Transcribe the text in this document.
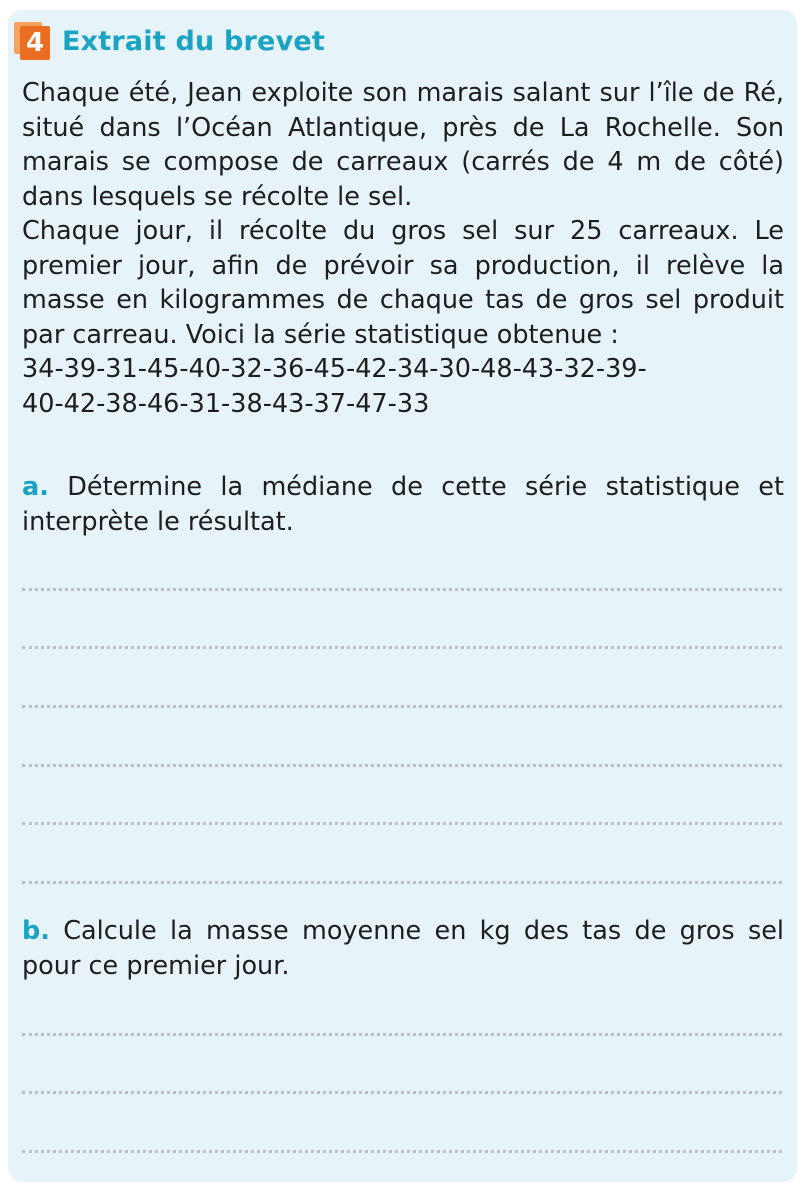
4 Extrait du brevet

Chaque été, Jean exploite son marais salant sur l’île de Ré, situé dans l’Océan Atlantique, près de La Rochelle. Son marais se compose de carreaux (carrés de 4 m de côté) dans lesquels se récolte le sel.

Chaque jour, il récolte du gros sel sur 25 carreaux. Le premier jour, afin de prévoir sa production, il relève la masse en kilogrammes de chaque tas de gros sel produit par carreau. Voici la série statistique obtenue :

34-39-31-45-40-32-36-45-42-34-30-48-43-32-39-

40-42-38-46-31-38-43-37-47-33

a. Détermine la médiane de cette série statistique et interprète le résultat.
b. Calcule la masse moyenne en kg des tas de gros sel pour ce premier jour.
